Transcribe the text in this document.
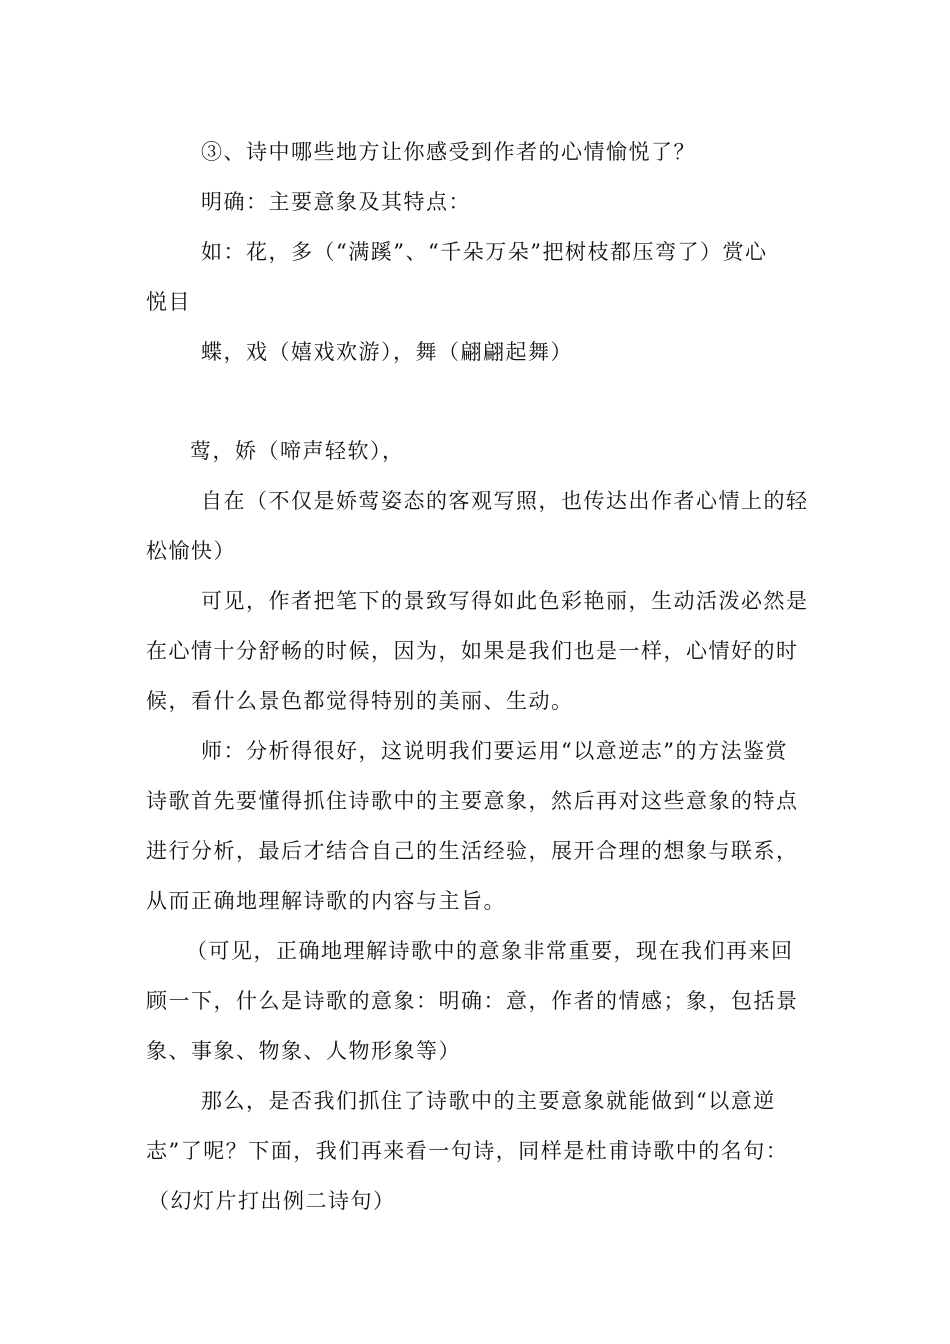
③、诗中哪些地方让你感受到作者的心情愉悦了？
明确：主要意象及其特点：
如：花，多（“满蹊”、“千朵万朵”把树枝都压弯了）赏心
悦目
蝶，戏（嬉戏欢游），舞（翩翩起舞）
莺，娇（啼声轻软），
自在（不仅是娇莺姿态的客观写照，也传达出作者心情上的轻
松愉快）
可见，作者把笔下的景致写得如此色彩艳丽，生动活泼必然是
在心情十分舒畅的时候，因为，如果是我们也是一样，心情好的时
候，看什么景色都觉得特别的美丽、生动。
师：分析得很好，这说明我们要运用“以意逆志”的方法鉴赏
诗歌首先要懂得抓住诗歌中的主要意象，然后再对这些意象的特点
进行分析，最后才结合自己的生活经验，展开合理的想象与联系，
从而正确地理解诗歌的内容与主旨。
（可见，正确地理解诗歌中的意象非常重要，现在我们再来回
顾一下，什么是诗歌的意象：明确：意，作者的情感；象，包括景
象、事象、物象、人物形象等）
那么，是否我们抓住了诗歌中的主要意象就能做到“以意逆
志”了呢？下面，我们再来看一句诗，同样是杜甫诗歌中的名句：
（幻灯片打出例二诗句）
